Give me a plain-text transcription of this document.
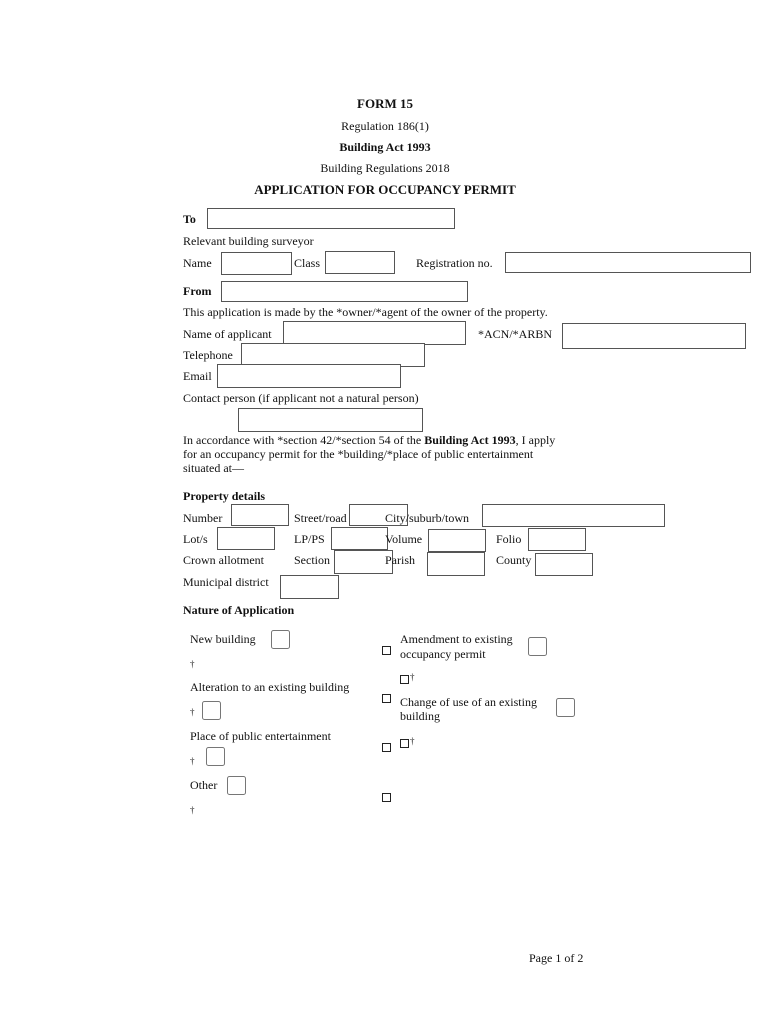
FORM 15
Regulation 186(1)
Building Act 1993
Building Regulations 2018
APPLICATION FOR OCCUPANCY PERMIT
To
Relevant building surveyor
Name	Class	Registration no.
From
This application is made by the *owner/*agent of the owner of the property.
Name of applicant	*ACN/*ARBN
Telephone
Email
Contact person (if applicant not a natural person)
In accordance with *section 42/*section 54 of the Building Act 1993, I apply
for an occupancy permit for the *building/*place of public entertainment
situated at—
Property details
Number	Street/road	City/suburb/town
Lot/s	LP/PS	Volume	Folio
Crown allotment	Section	Parish	County
Municipal district
Nature of Application
New building
†
Alteration to an existing building
†
Place of public entertainment
†
Other
†
Amendment to existing
occupancy permit
†
Change of use of an existing
building
†
Page 1 of 2
